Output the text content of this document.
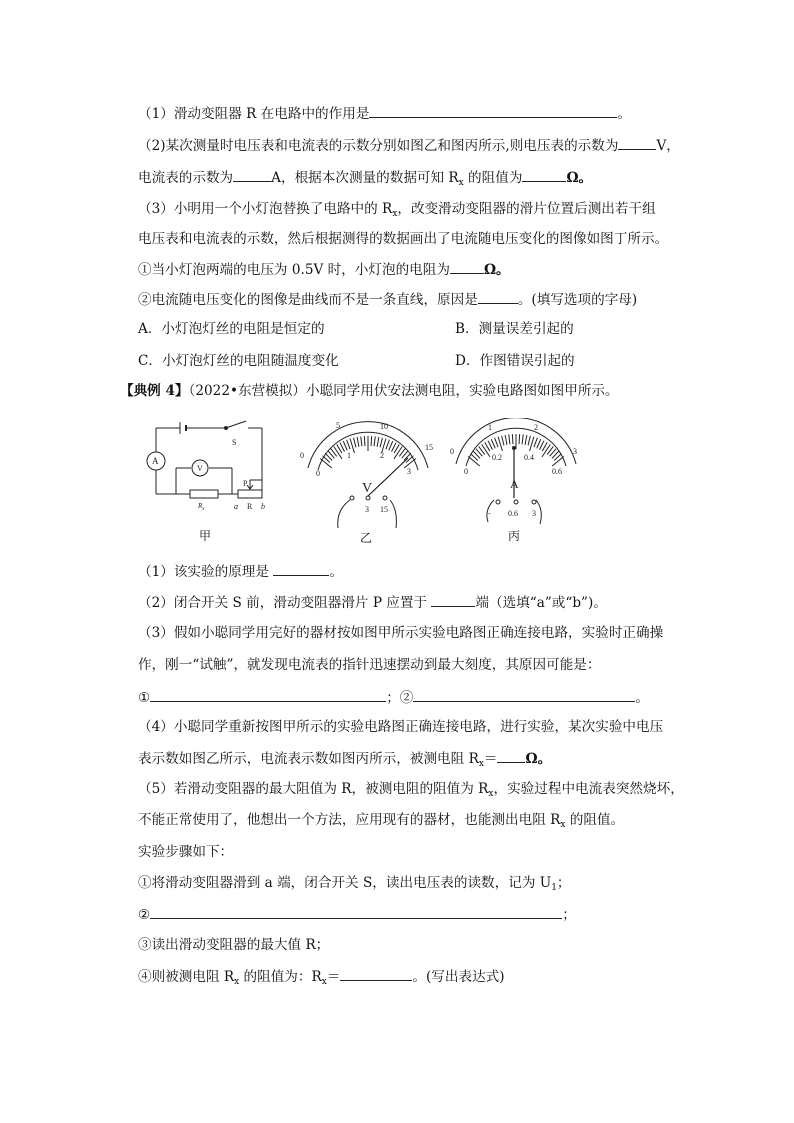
（1）滑动变阻器 R 在电路中的作用是	。
（2)某次测量时电压表和电流表的示数分别如图乙和图丙所示,则电压表的示数为	V，
电流表的示数为	A，根据本次测量的数据可知 $R_x$ 的阻值为	Ω。
（3）小明用一个小灯泡替换了电路中的 $R_x$，改变滑动变阻器的滑片位置后测出若干组
电压表和电流表的示数，然后根据测得的数据画出了电流随电压变化的图像如图丁所示。
①当小灯泡两端的电压为 0.5V 时，小灯泡的电阻为	Ω。
②电流随电压变化的图像是曲线而不是一条直线，原因是	。(填写选项的字母)
A．小灯泡灯丝的电阻是恒定的	B．测量误差引起的
C．小灯泡灯丝的电阻随温度变化	D．作图错误引起的
【典例 4】（2022•东营模拟）小聪同学用伏安法测电阻，实验电路图如图甲所示。
A
V
S
P
$R_x$	a R b
甲
0
5	10
15
0
1	2
3
V
3 15
乙
0
1	2
3
0
0.2	0.4
0.6
A
- 0.6 3
丙
（1）该实验的原理是	。
（2）闭合开关 S 前，滑动变阻器滑片 P 应置于	端（选填“a”或“b”)。
（3）假如小聪同学用完好的器材按如图甲所示实验电路图正确连接电路，实验时正确操
作，刚一“试触”，就发现电流表的指针迅速摆动到最大刻度，其原因可能是：
①	；②	。
（4）小聪同学重新按图甲所示的实验电路图正确连接电路，进行实验，某次实验中电压
表示数如图乙所示，电流表示数如图丙所示，被测电阻 $R_x= \Omega$。
（5）若滑动变阻器的最大阻值为 R，被测电阻的阻值为 $R_x$，实验过程中电流表突然烧坏，
不能正常使用了，他想出一个方法，应用现有的器材，也能测出电阻 $R_x$ 的阻值。
实验步骤如下：
①将滑动变阻器滑到 a 端，闭合开关 S，读出电压表的读数，记为 $U_1$；
②	；
③读出滑动变阻器的最大值 R；
④则被测电阻 $R_x$ 的阻值为：$R_x=$	。(写出表达式)
